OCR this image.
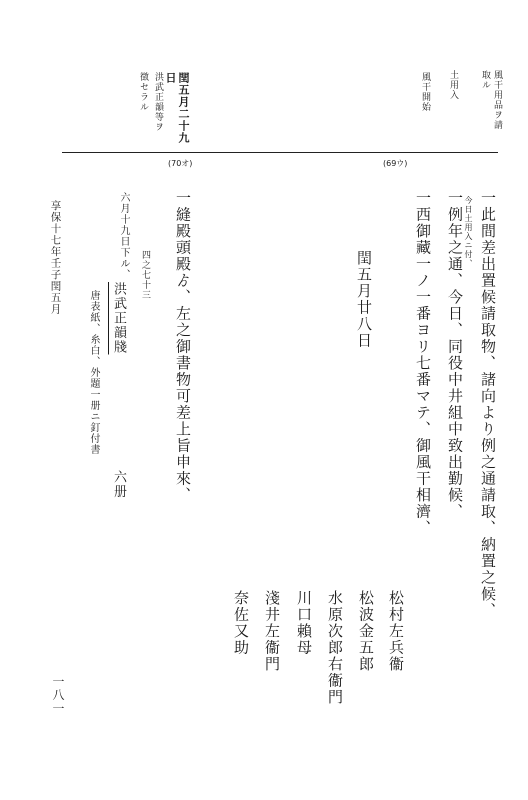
風干用品ヲ請
取ル
土用入
風干開始
閏五月二十九
日
洪武正韻等ヲ
徴セラル
(70オ)	(69ウ)
一此間差出置候請取物、諸向より例之通請取、納置之候、
今日土用入ニ付、
一例年之通、今日、同役中井組中致出勤候、
一西御藏一ノ一番ヨリ七番マテ、御風干相濟、
閏五月廿八日
松村左兵衞
松波金五郎
水原次郎右衞門
川口賴母
淺井左衞門
奈佐又助
一縫殿頭殿ゟ、左之御書物可差上旨申來、
四之七十三
六月十九日下ル、
洪武正韻牋
六册
唐表紙、糸白、外題一册ニ釘付書
享保十七年壬子閏五月
一八一
